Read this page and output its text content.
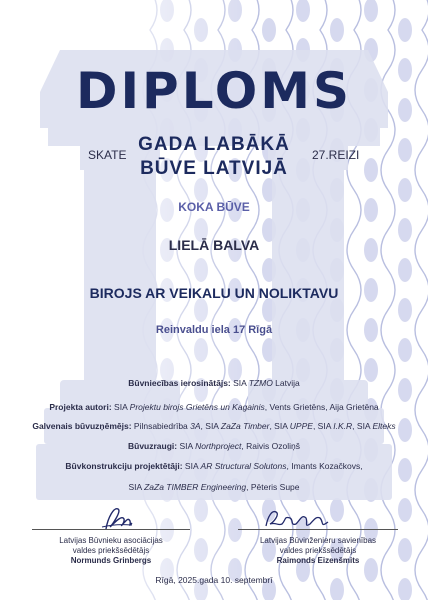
DIPLOMS
SKATE	27.REIZI
GADA LABĀKĀ
BŪVE LATVIJĀ
KOKA BŪVE
LIELĀ BALVA
BIROJS AR VEIKALU UN NOLIKTAVU
Reinvaldu iela 17 Rīgā
Būvniecības ierosinātājs: SIA TZMO Latvija
Projekta autori: SIA Projektu birojs Grietēns un Kagainis, Vents Grietēns, Aija Grietēna
Galvenais būvuzņēmējs: Pilnsabiedrība 3A, SIA ZaZa Timber, SIA UPPE, SIA I.K.R, SIA Elteks
Būvuzraugi: SIA Northproject, Raivis Ozoliņš
Būvkonstrukciju projektētāji: SIA AR Structural Solutons, Imants Kozačkovs,
SIA ZaZa TIMBER Engineering, Pēteris Supe
Latvijas Būvnieku asociācijas
valdes priekšsēdētājs
Normunds Grinbergs
Latvijas Būvinženieru savienības
valdes priekšsēdētājs
Raimonds Eizenšmits
Rīgā, 2025.gada 10. septembrī
